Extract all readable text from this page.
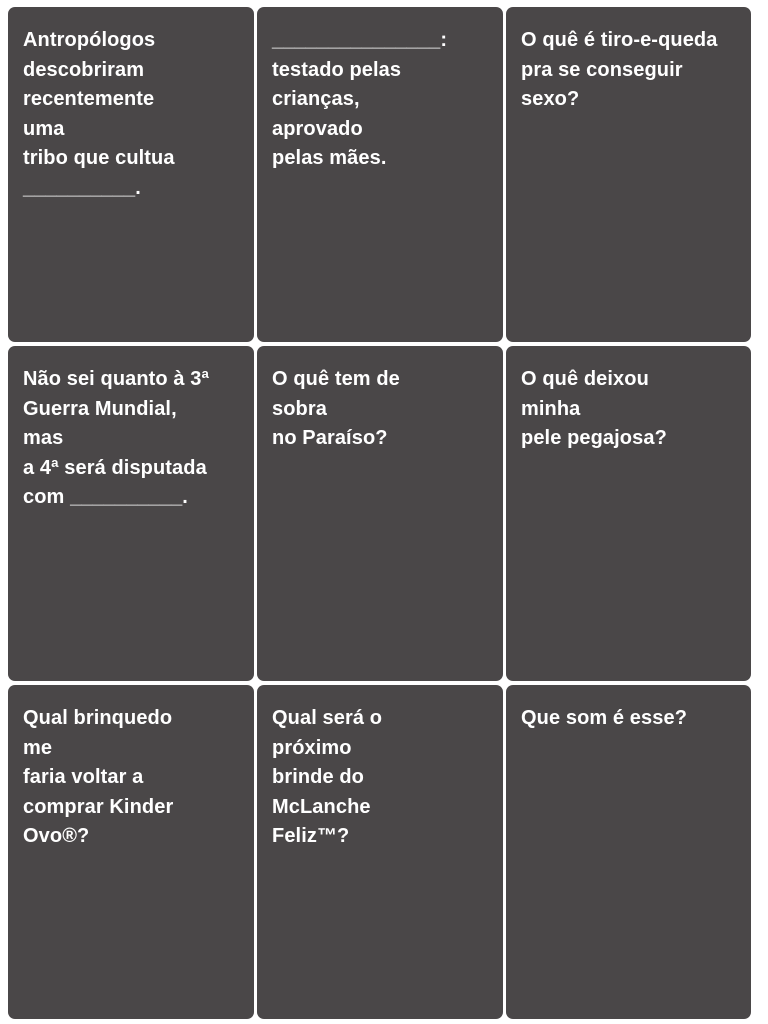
Antropólogos
descobriram
recentemente
uma
tribo que cultua
__________.

_______________:
testado pelas
crianças,
aprovado
pelas mães.

O quê é tiro-e-queda
pra se conseguir
sexo?

Não sei quanto à 3ª
Guerra Mundial,
mas
a 4ª será disputada
com __________.

O quê tem de
sobra
no Paraíso?

O quê deixou
minha
pele pegajosa?

Qual brinquedo
me
faria voltar a
comprar Kinder
Ovo®?

Qual será o
próximo
brinde do
McLanche
Feliz™?

Que som é esse?
